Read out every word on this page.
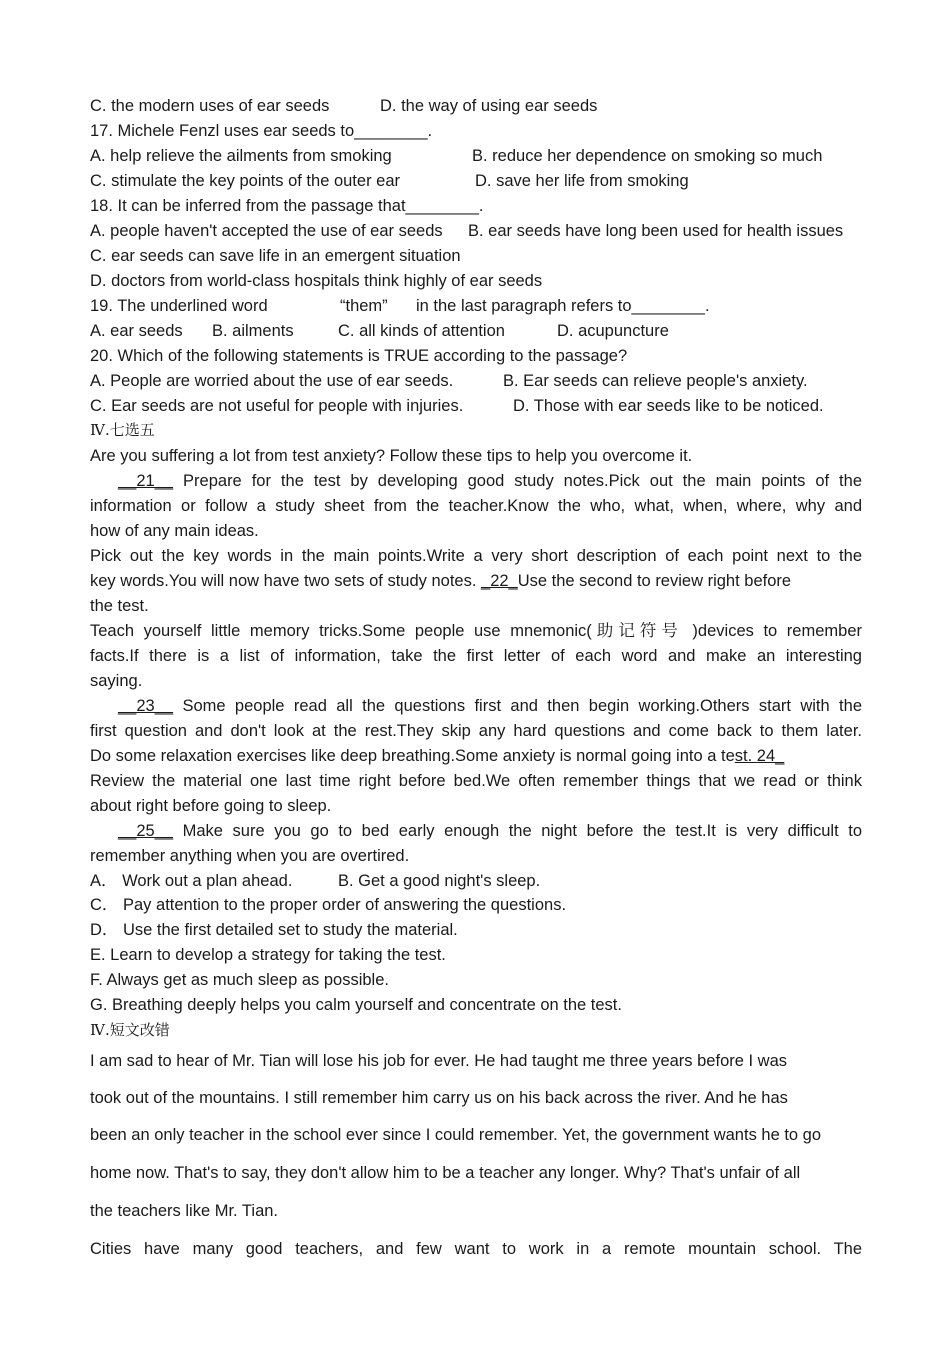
C. the modern uses of ear seeds	D. the way of using ear seeds
17. Michele Fenzl uses ear seeds to________.
A. help relieve the ailments from smoking	B. reduce her dependence on smoking so much
C. stimulate the key points of the outer ear	D. save her life from smoking
18. It can be inferred from the passage that________.
A. people haven't accepted the use of ear seeds B. ear seeds have long been used for health issues
C. ear seeds can save life in an emergent situation
D. doctors from world-class hospitals think highly of ear seeds
19. The underlined word	“them” in the last paragraph refers to________.
A. ear seeds B. ailments	C. all kinds of attention	D. acupuncture
20. Which of the following statements is TRUE according to the passage?
A. People are worried about the use of ear seeds.	B. Ear seeds can relieve people's anxiety.
C. Ear seeds are not useful for people with injuries.	D. Those with ear seeds like to be noticed.
Ⅳ.七选五
Are you suffering a lot from test anxiety? Follow these tips to help you overcome it.
__21__ Prepare for the test by developing good study notes.Pick out the main points of the
information or follow a study sheet from the teacher.Know the who, what, when, where, why and
how of any main ideas.
Pick out the key words in the main points.Write a very short description of each point next to the
key words.You will now have two sets of study notes. _22_Use the second to review right before
the test.
Teach yourself little memory tricks.Some people use mnemonic(助记符号 )devices to remember
facts.If there is a list of information, take the first letter of each word and make an interesting
saying.
__23__ Some people read all the questions first and then begin working.Others start with the
first question and don't look at the rest.They skip any hard questions and come back to them later.
Do some relaxation exercises like deep breathing.Some anxiety is normal going into a test. 24_
Review the material one last time right before bed.We often remember things that we read or think
about right before going to sleep.
__25__ Make sure you go to bed early enough the night before the test.It is very difficult to
remember anything when you are overtired.
A． Work out a plan ahead.	B. Get a good night's sleep.
C． Pay attention to the proper order of answering the questions.
D． Use the first detailed set to study the material.
E. Learn to develop a strategy for taking the test.
F. Always get as much sleep as possible.
G. Breathing deeply helps you calm yourself and concentrate on the test.
Ⅳ.短文改错
I am sad to hear of Mr. Tian will lose his job for ever. He had taught me three years before I was
took out of the mountains. I still remember him carry us on his back across the river. And he has
been an only teacher in the school ever since I could remember. Yet, the government wants he to go
home now. That's to say, they don't allow him to be a teacher any longer. Why? That's unfair of all
the teachers like Mr. Tian.
Cities have many good teachers, and few want to work in a remote mountain school. The
